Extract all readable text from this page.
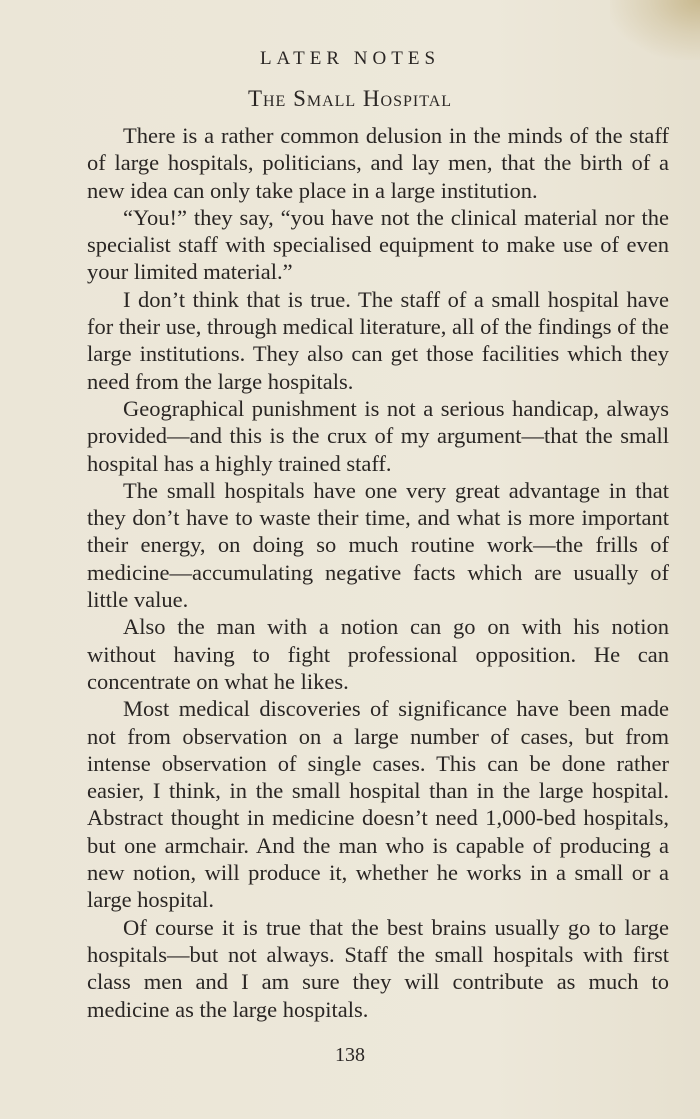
LATER NOTES
The Small Hospital

There is a rather common delusion in the minds of the staff of large hospitals, politicians, and lay men, that the birth of a new idea can only take place in a large institution.

“You!” they say, “you have not the clinical material nor the specialist staff with specialised equipment to make use of even your limited material.”

I don’t think that is true. The staff of a small hospital have for their use, through medical literature, all of the findings of the large institutions. They also can get those facilities which they need from the large hospitals.

Geographical punishment is not a serious handicap, always provided—and this is the crux of my argument—that the small hospital has a highly trained staff.

The small hospitals have one very great advantage in that they don’t have to waste their time, and what is more important their energy, on doing so much routine work—the frills of medicine—accumulating negative facts which are usually of little value.

Also the man with a notion can go on with his notion without having to fight professional opposition. He can concentrate on what he likes.

Most medical discoveries of significance have been made not from observation on a large number of cases, but from intense observation of single cases. This can be done rather easier, I think, in the small hospital than in the large hospital. Abstract thought in medicine doesn’t need 1,000-bed hospitals, but one armchair. And the man who is capable of producing a new notion, will produce it, whether he works in a small or a large hospital.

Of course it is true that the best brains usually go to large hospitals—but not always. Staff the small hospitals with first class men and I am sure they will contribute as much to medicine as the large hospitals.

138
